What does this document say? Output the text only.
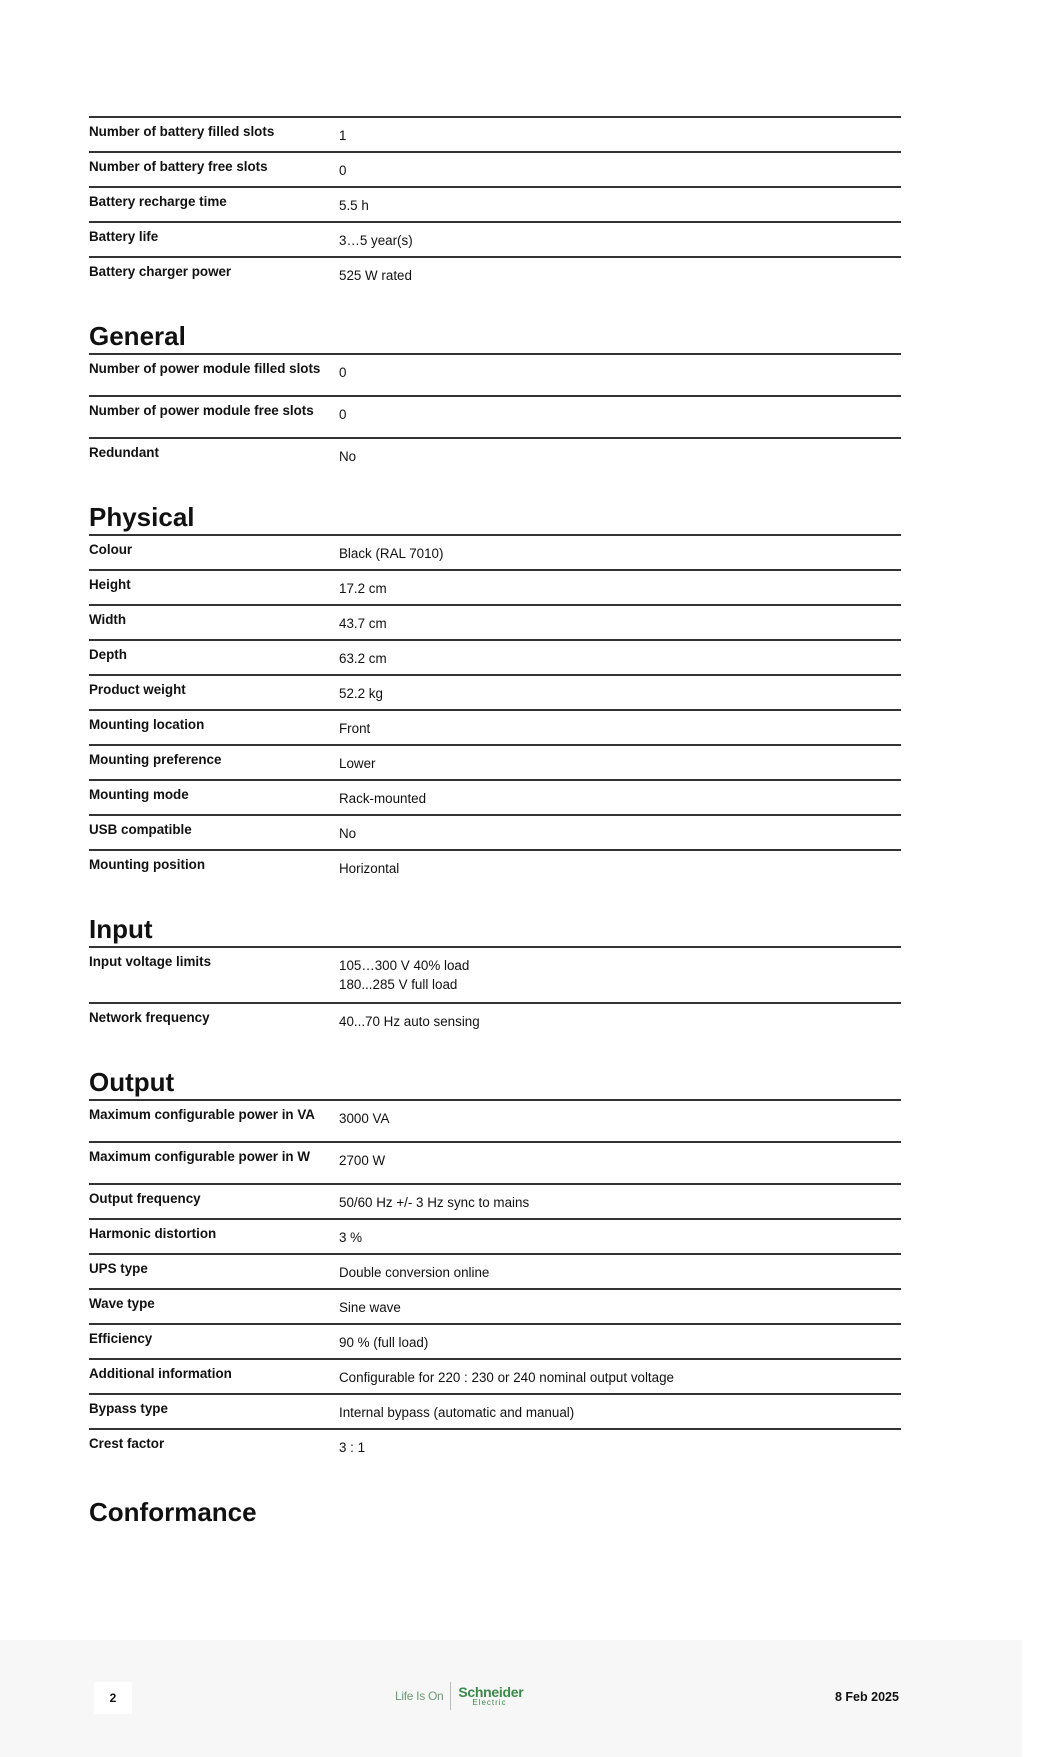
Number of battery filled slots	1
Number of battery free slots	0
Battery recharge time	5.5 h
Battery life	3…5 year(s)
Battery charger power	525 W rated
General
Number of power module filled slots	0
Number of power module free slots	0
Redundant	No
Physical
Colour	Black (RAL 7010)
Height	17.2 cm
Width	43.7 cm
Depth	63.2 cm
Product weight	52.2 kg
Mounting location	Front
Mounting preference	Lower
Mounting mode	Rack-mounted
USB compatible	No
Mounting position	Horizontal
Input
Input voltage limits	105…300 V 40% load
180...285 V full load
Network frequency	40...70 Hz auto sensing
Output
Maximum configurable power in VA	3000 VA
Maximum configurable power in W	2700 W
Output frequency	50/60 Hz +/- 3 Hz sync to mains
Harmonic distortion	3 %
UPS type	Double conversion online
Wave type	Sine wave
Efficiency	90 % (full load)
Additional information	Configurable for 220 : 230 or 240 nominal output voltage
Bypass type	Internal bypass (automatic and manual)
Crest factor	3 : 1
Conformance
2	Life Is On Schneider
Electric	8 Feb 2025
